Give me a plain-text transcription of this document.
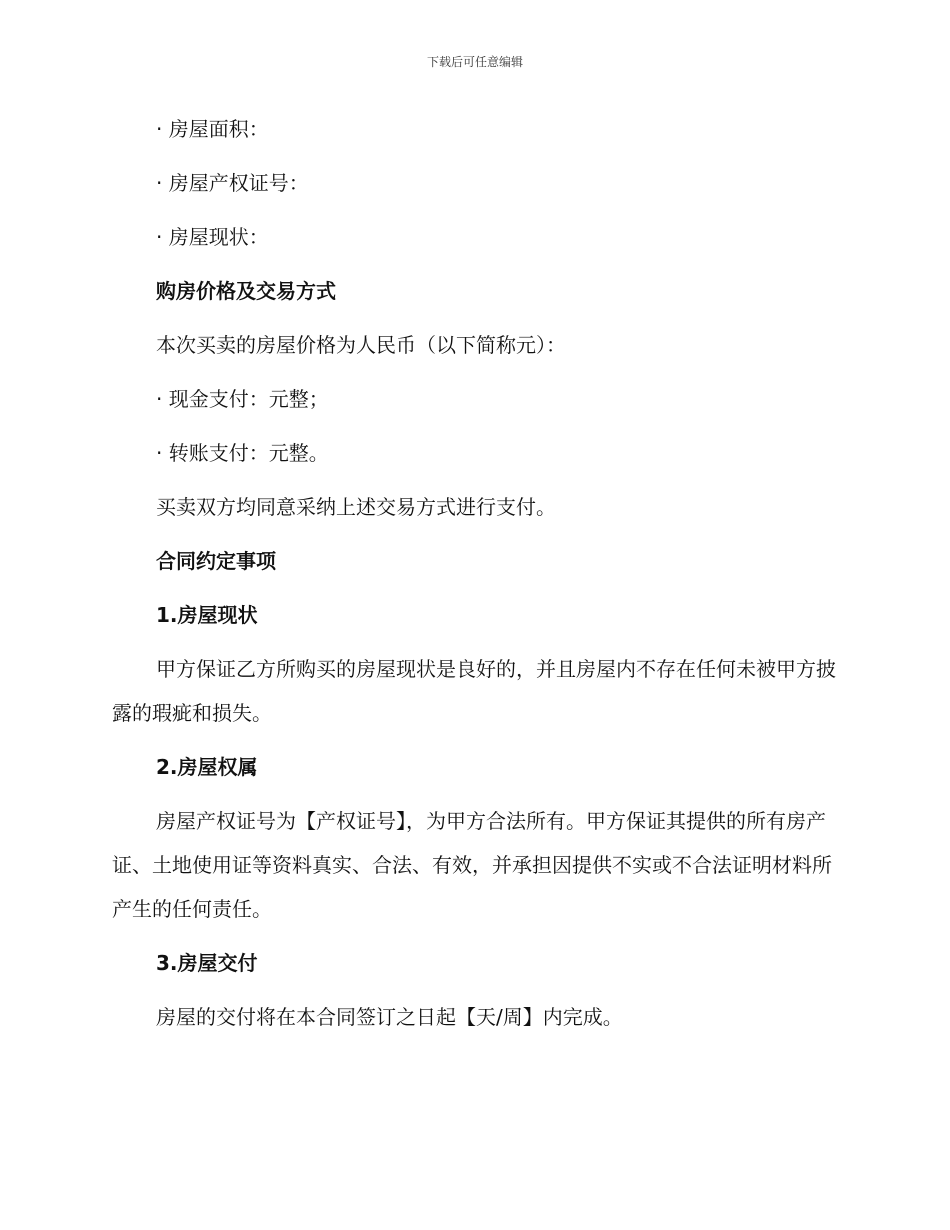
下载后可任意编辑
· 房屋面积：
· 房屋产权证号：
· 房屋现状：
购房价格及交易方式
本次买卖的房屋价格为人民币（以下简称元）：
· 现金支付：元整；
· 转账支付：元整。
买卖双方均同意采纳上述交易方式进行支付。
合同约定事项
1.房屋现状
甲方保证乙方所购买的房屋现状是良好的，并且房屋内不存在任何未被甲方披露的瑕疵和损失。
2.房屋权属
房屋产权证号为【产权证号】，为甲方合法所有。甲方保证其提供的所有房产证、土地使用证等资料真实、合法、有效，并承担因提供不实或不合法证明材料所产生的任何责任。
3.房屋交付
房屋的交付将在本合同签订之日起【天/周】内完成。
